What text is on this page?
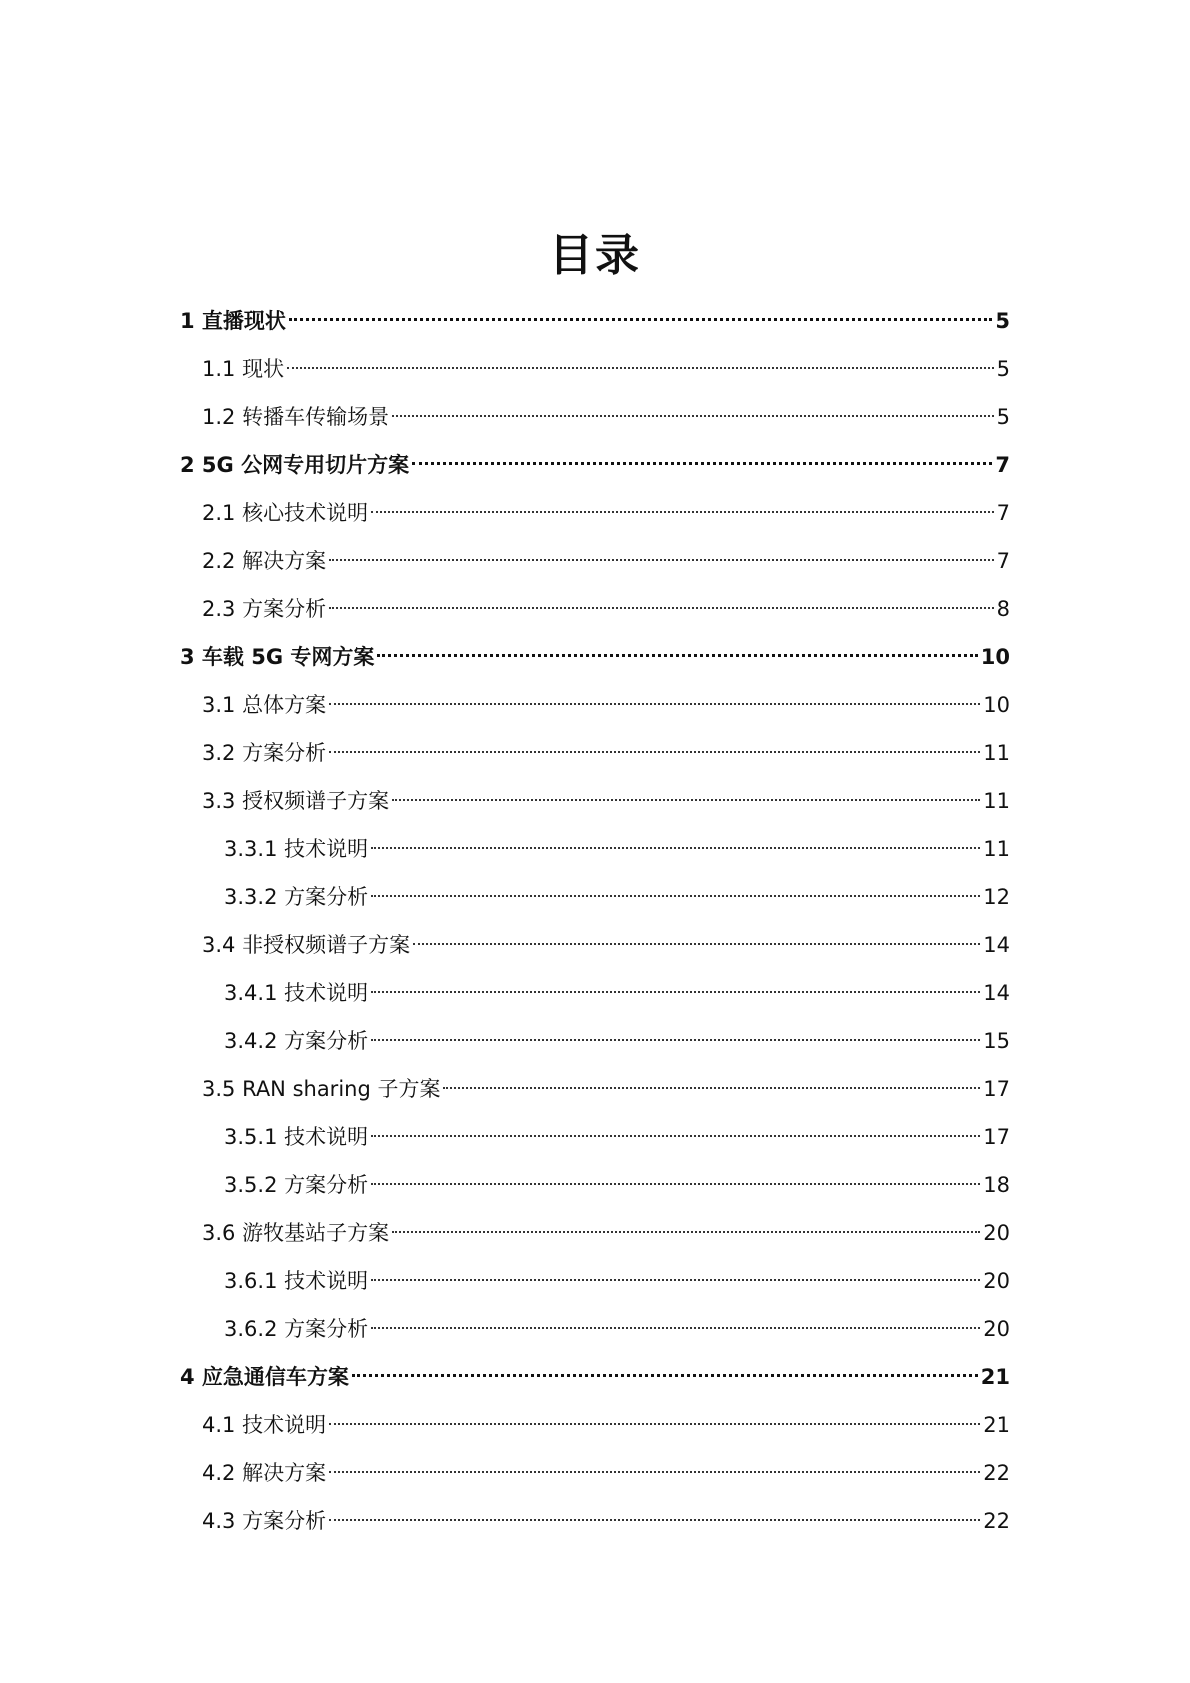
目录
1 直播现状	5
1.1 现状	5
1.2 转播车传输场景	5
2 5G 公网专用切片方案	7
2.1 核心技术说明	7
2.2 解决方案	7
2.3 方案分析	8
3 车载 5G 专网方案	10
3.1 总体方案	10
3.2 方案分析	11
3.3 授权频谱子方案	11
3.3.1 技术说明	11
3.3.2 方案分析	12
3.4 非授权频谱子方案	14
3.4.1 技术说明	14
3.4.2 方案分析	15
3.5 RAN sharing 子方案	17
3.5.1 技术说明	17
3.5.2 方案分析	18
3.6 游牧基站子方案	20
3.6.1 技术说明	20
3.6.2 方案分析	20
4 应急通信车方案	21
4.1 技术说明	21
4.2 解决方案	22
4.3 方案分析	22
